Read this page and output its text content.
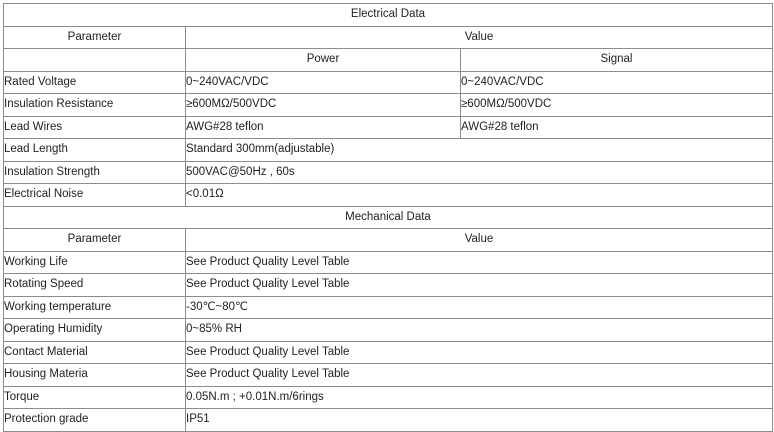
Electrical Data		
Parameter	Value	
	Power	Signal
Rated Voltage	0~240VAC/VDC	0~240VAC/VDC
Insulation Resistance	≥600MΩ/500VDC	≥600MΩ/500VDC
Lead Wires	AWG#28 teflon	AWG#28 teflon
Lead Length	Standard 300mm(adjustable)	
Insulation Strength	500VAC@50Hz , 60s	
Electrical Noise	<0.01Ω	
Mechanical Data		
Parameter	Value	
Working Life	See Product Quality Level Table	
Rotating Speed	See Product Quality Level Table	
Working temperature	-30℃~80℃	
Operating Humidity	0~85% RH	
Contact Material	See Product Quality Level Table	
Housing Materia	See Product Quality Level Table	
Torque	0.05N.m ; +0.01N.m/6rings	
Protection grade	IP51	
